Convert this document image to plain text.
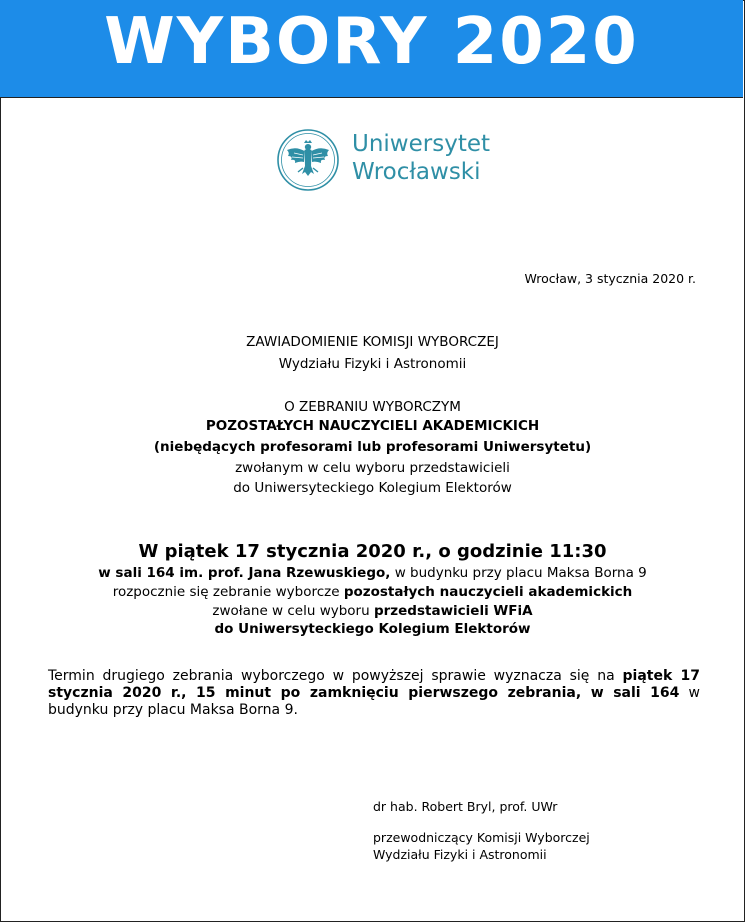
WYBORY 2020
Uniwersytet
Wrocławski
Wrocław, 3 stycznia 2020 r.
ZAWIADOMIENIE KOMISJI WYBORCZEJ
Wydziału Fizyki i Astronomii
O ZEBRANIU WYBORCZYM
POZOSTAŁYCH NAUCZYCIELI AKADEMICKICH
(niebędących profesorami lub profesorami Uniwersytetu)
zwołanym w celu wyboru przedstawicieli
do Uniwersyteckiego Kolegium Elektorów
W piątek 17 stycznia 2020 r., o godzinie 11:30
w sali 164 im. prof. Jana Rzewuskiego, w budynku przy placu Maksa Borna 9
rozpocznie się zebranie wyborcze pozostałych nauczycieli akademickich
zwołane w celu wyboru przedstawicieli WFiA
do Uniwersyteckiego Kolegium Elektorów
Termin drugiego zebrania wyborczego w powyższej sprawie wyznacza się na piątek 17 stycznia 2020 r., 15 minut po zamknięciu pierwszego zebrania, w sali 164 w budynku przy placu Maksa Borna 9.
dr hab. Robert Bryl, prof. UWr
przewodniczący Komisji Wyborczej
Wydziału Fizyki i Astronomii
